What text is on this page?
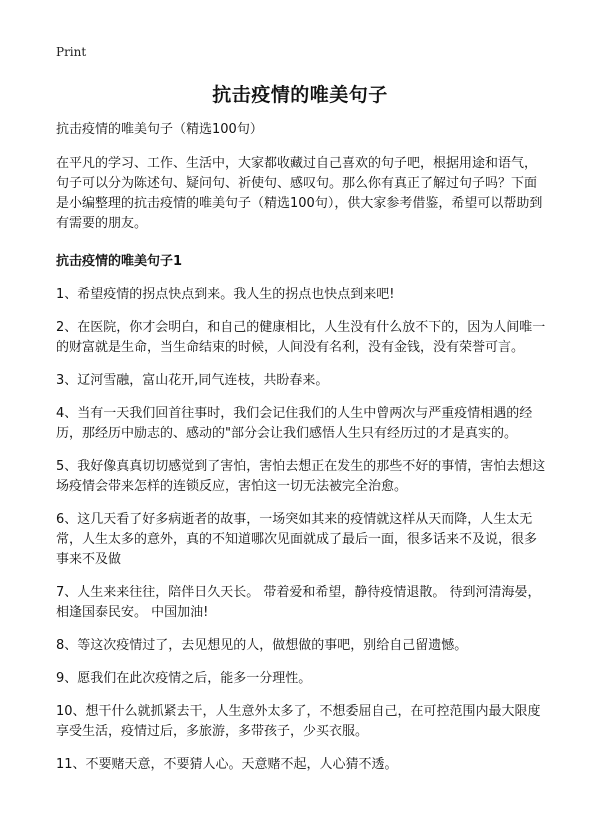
Print
抗击疫情的唯美句子

抗击疫情的唯美句子（精选100句）

在平凡的学习、工作、生活中，大家都收藏过自己喜欢的句子吧，根据用途和语气，句子可以分为陈述句、疑问句、祈使句、感叹句。那么你有真正了解过句子吗？下面是小编整理的抗击疫情的唯美句子（精选100句），供大家参考借鉴，希望可以帮助到有需要的朋友。

抗击疫情的唯美句子1

1、希望疫情的拐点快点到来。我人生的拐点也快点到来吧!

2、在医院，你才会明白，和自己的健康相比，人生没有什么放不下的，因为人间唯一的财富就是生命，当生命结束的时候，人间没有名利，没有金钱，没有荣誉可言。

3、辽河雪融，富山花开,同气连枝，共盼春来。

4、当有一天我们回首往事时，我们会记住我们的人生中曾两次与严重疫情相遇的经历，那经历中励志的、感动的"部分会让我们感悟人生只有经历过的才是真实的。

5、我好像真真切切感觉到了害怕，害怕去想正在发生的那些不好的事情，害怕去想这场疫情会带来怎样的连锁反应，害怕这一切无法被完全治愈。

6、这几天看了好多病逝者的故事，一场突如其来的疫情就这样从天而降，人生太无常，人生太多的意外，真的不知道哪次见面就成了最后一面，很多话来不及说，很多事来不及做

7、人生来来往往，陪伴日久天长。 带着爱和希望，静待疫情退散。 待到河清海晏，相逢国泰民安。 中国加油!

8、等这次疫情过了，去见想见的人，做想做的事吧，别给自己留遗憾。

9、愿我们在此次疫情之后，能多一分理性。

10、想干什么就抓紧去干，人生意外太多了，不想委屈自己，在可控范围内最大限度享受生活，疫情过后，多旅游，多带孩子，少买衣服。

11、不要赌天意，不要猜人心。天意赌不起，人心猜不透。
